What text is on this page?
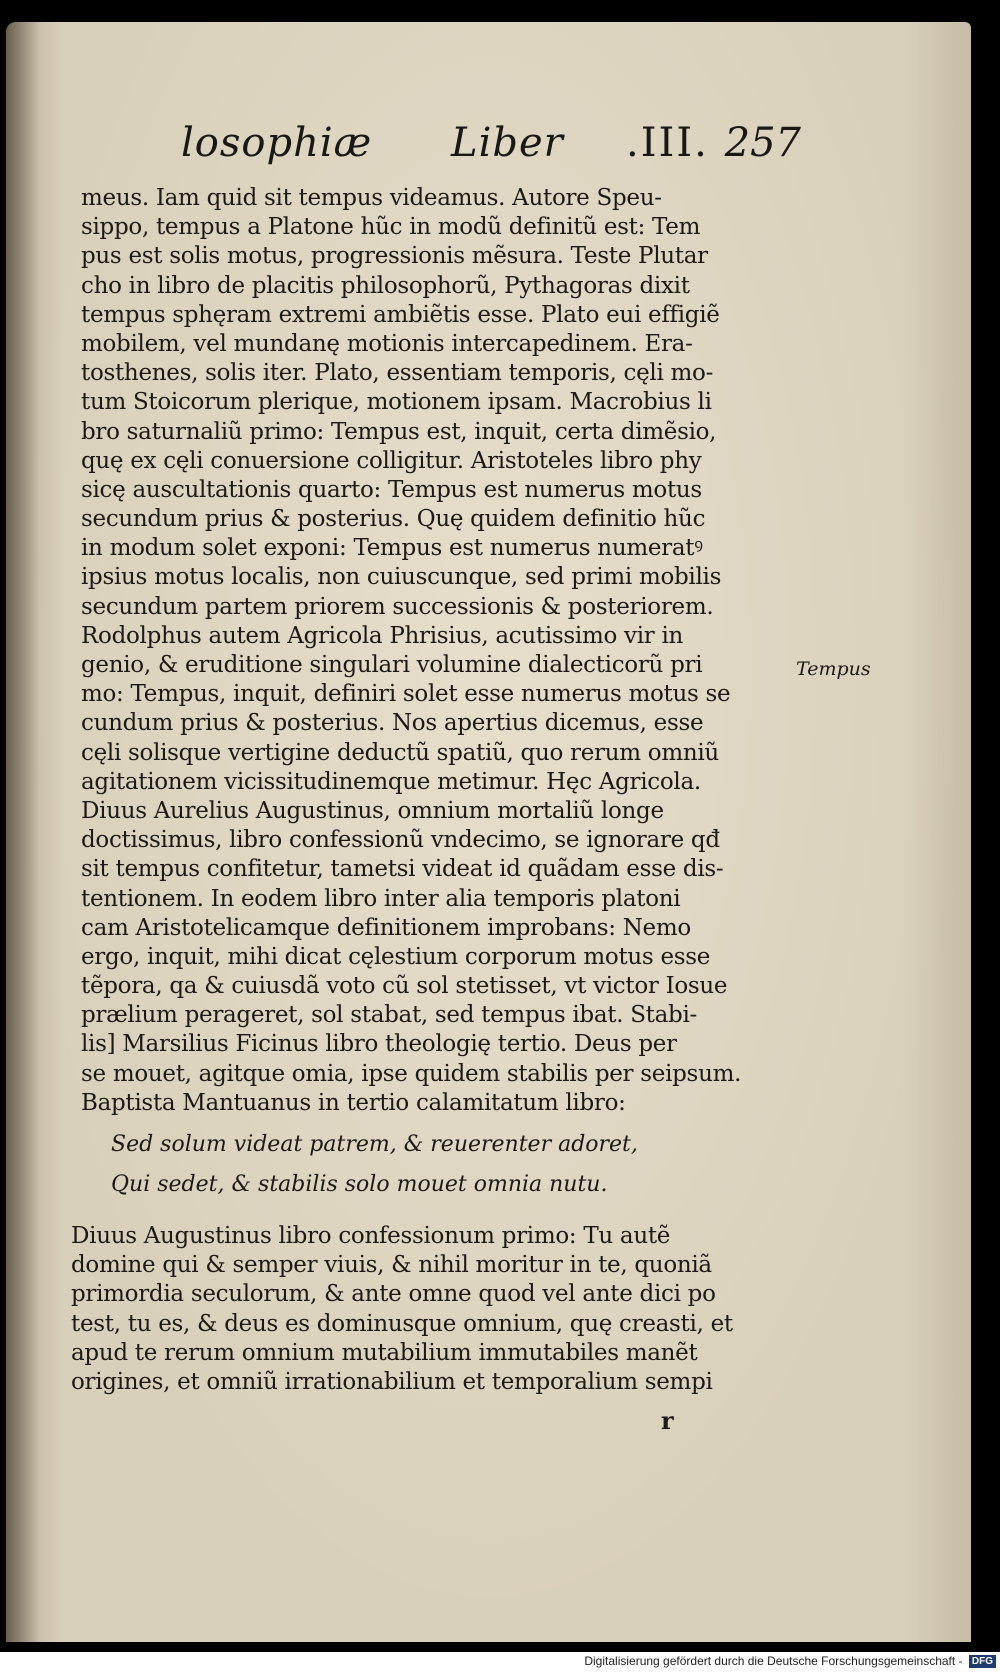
losophiæ Liber .III. 257
meus. Iam quid sit tempus videamus. Autore Speu-
sippo, tempus a Platone hũc in modũ definitũ est: Tem
pus est solis motus, progressionis mẽsura. Teste Plutar
cho in libro de placitis philosophorũ, Pythagoras dixit
tempus sphęram extremi ambiẽtis esse. Plato eui effigiẽ
mobilem, vel mundanę motionis intercapedinem. Era-
tosthenes, solis iter. Plato, essentiam temporis, cęli mo-
tum Stoicorum plerique, motionem ipsam. Macrobius li
bro saturnaliũ primo: Tempus est, inquit, certa dimẽsio,
quę ex cęli conuersione colligitur. Aristoteles libro phy
sicę auscultationis quarto: Tempus est numerus motus
secundum prius & posterius. Quę quidem definitio hũc
in modum solet exponi: Tempus est numerus numeratꝰ
ipsius motus localis, non cuiuscunque, sed primi mobilis
secundum partem priorem successionis & posteriorem.
Rodolphus autem Agricola Phrisius, acutissimo vir in
genio, & eruditione singulari volumine dialecticorũ pri
mo: Tempus, inquit, definiri solet esse numerus motus se
cundum prius & posterius. Nos apertius dicemus, esse
cęli solisque vertigine deductũ spatiũ, quo rerum omniũ
agitationem vicissitudinemque metimur. Hęc Agricola.
Diuus Aurelius Augustinus, omnium mortaliũ longe
doctissimus, libro confessionũ vndecimo, se ignorare qđ
sit tempus confitetur, tametsi videat id quãdam esse dis-
tentionem. In eodem libro inter alia temporis platoni
cam Aristotelicamque definitionem improbans: Nemo
ergo, inquit, mihi dicat cęlestium corporum motus esse
tẽpora, qa & cuiusdã voto cũ sol stetisset, vt victor Iosue
prælium perageret, sol stabat, sed tempus ibat. Stabi-
lis] Marsilius Ficinus libro theologię tertio. Deus per
se mouet, agitque omia, ipse quidem stabilis per seipsum.
Baptista Mantuanus in tertio calamitatum libro:
Tempus
Sed solum videat patrem, & reuerenter adoret,
Qui sedet, & stabilis solo mouet omnia nutu.
Diuus Augustinus libro confessionum primo: Tu autẽ
domine qui & semper viuis, & nihil moritur in te, quoniã
primordia seculorum, & ante omne quod vel ante dici po
test, tu es, & deus es dominusque omnium, quę creasti, et
apud te rerum omnium mutabilium immutabiles manẽt
origines, et omniũ irrationabilium et temporalium sempi
r
Digitalisierung gefördert durch die Deutsche Forschungsgemeinschaft - DFG
